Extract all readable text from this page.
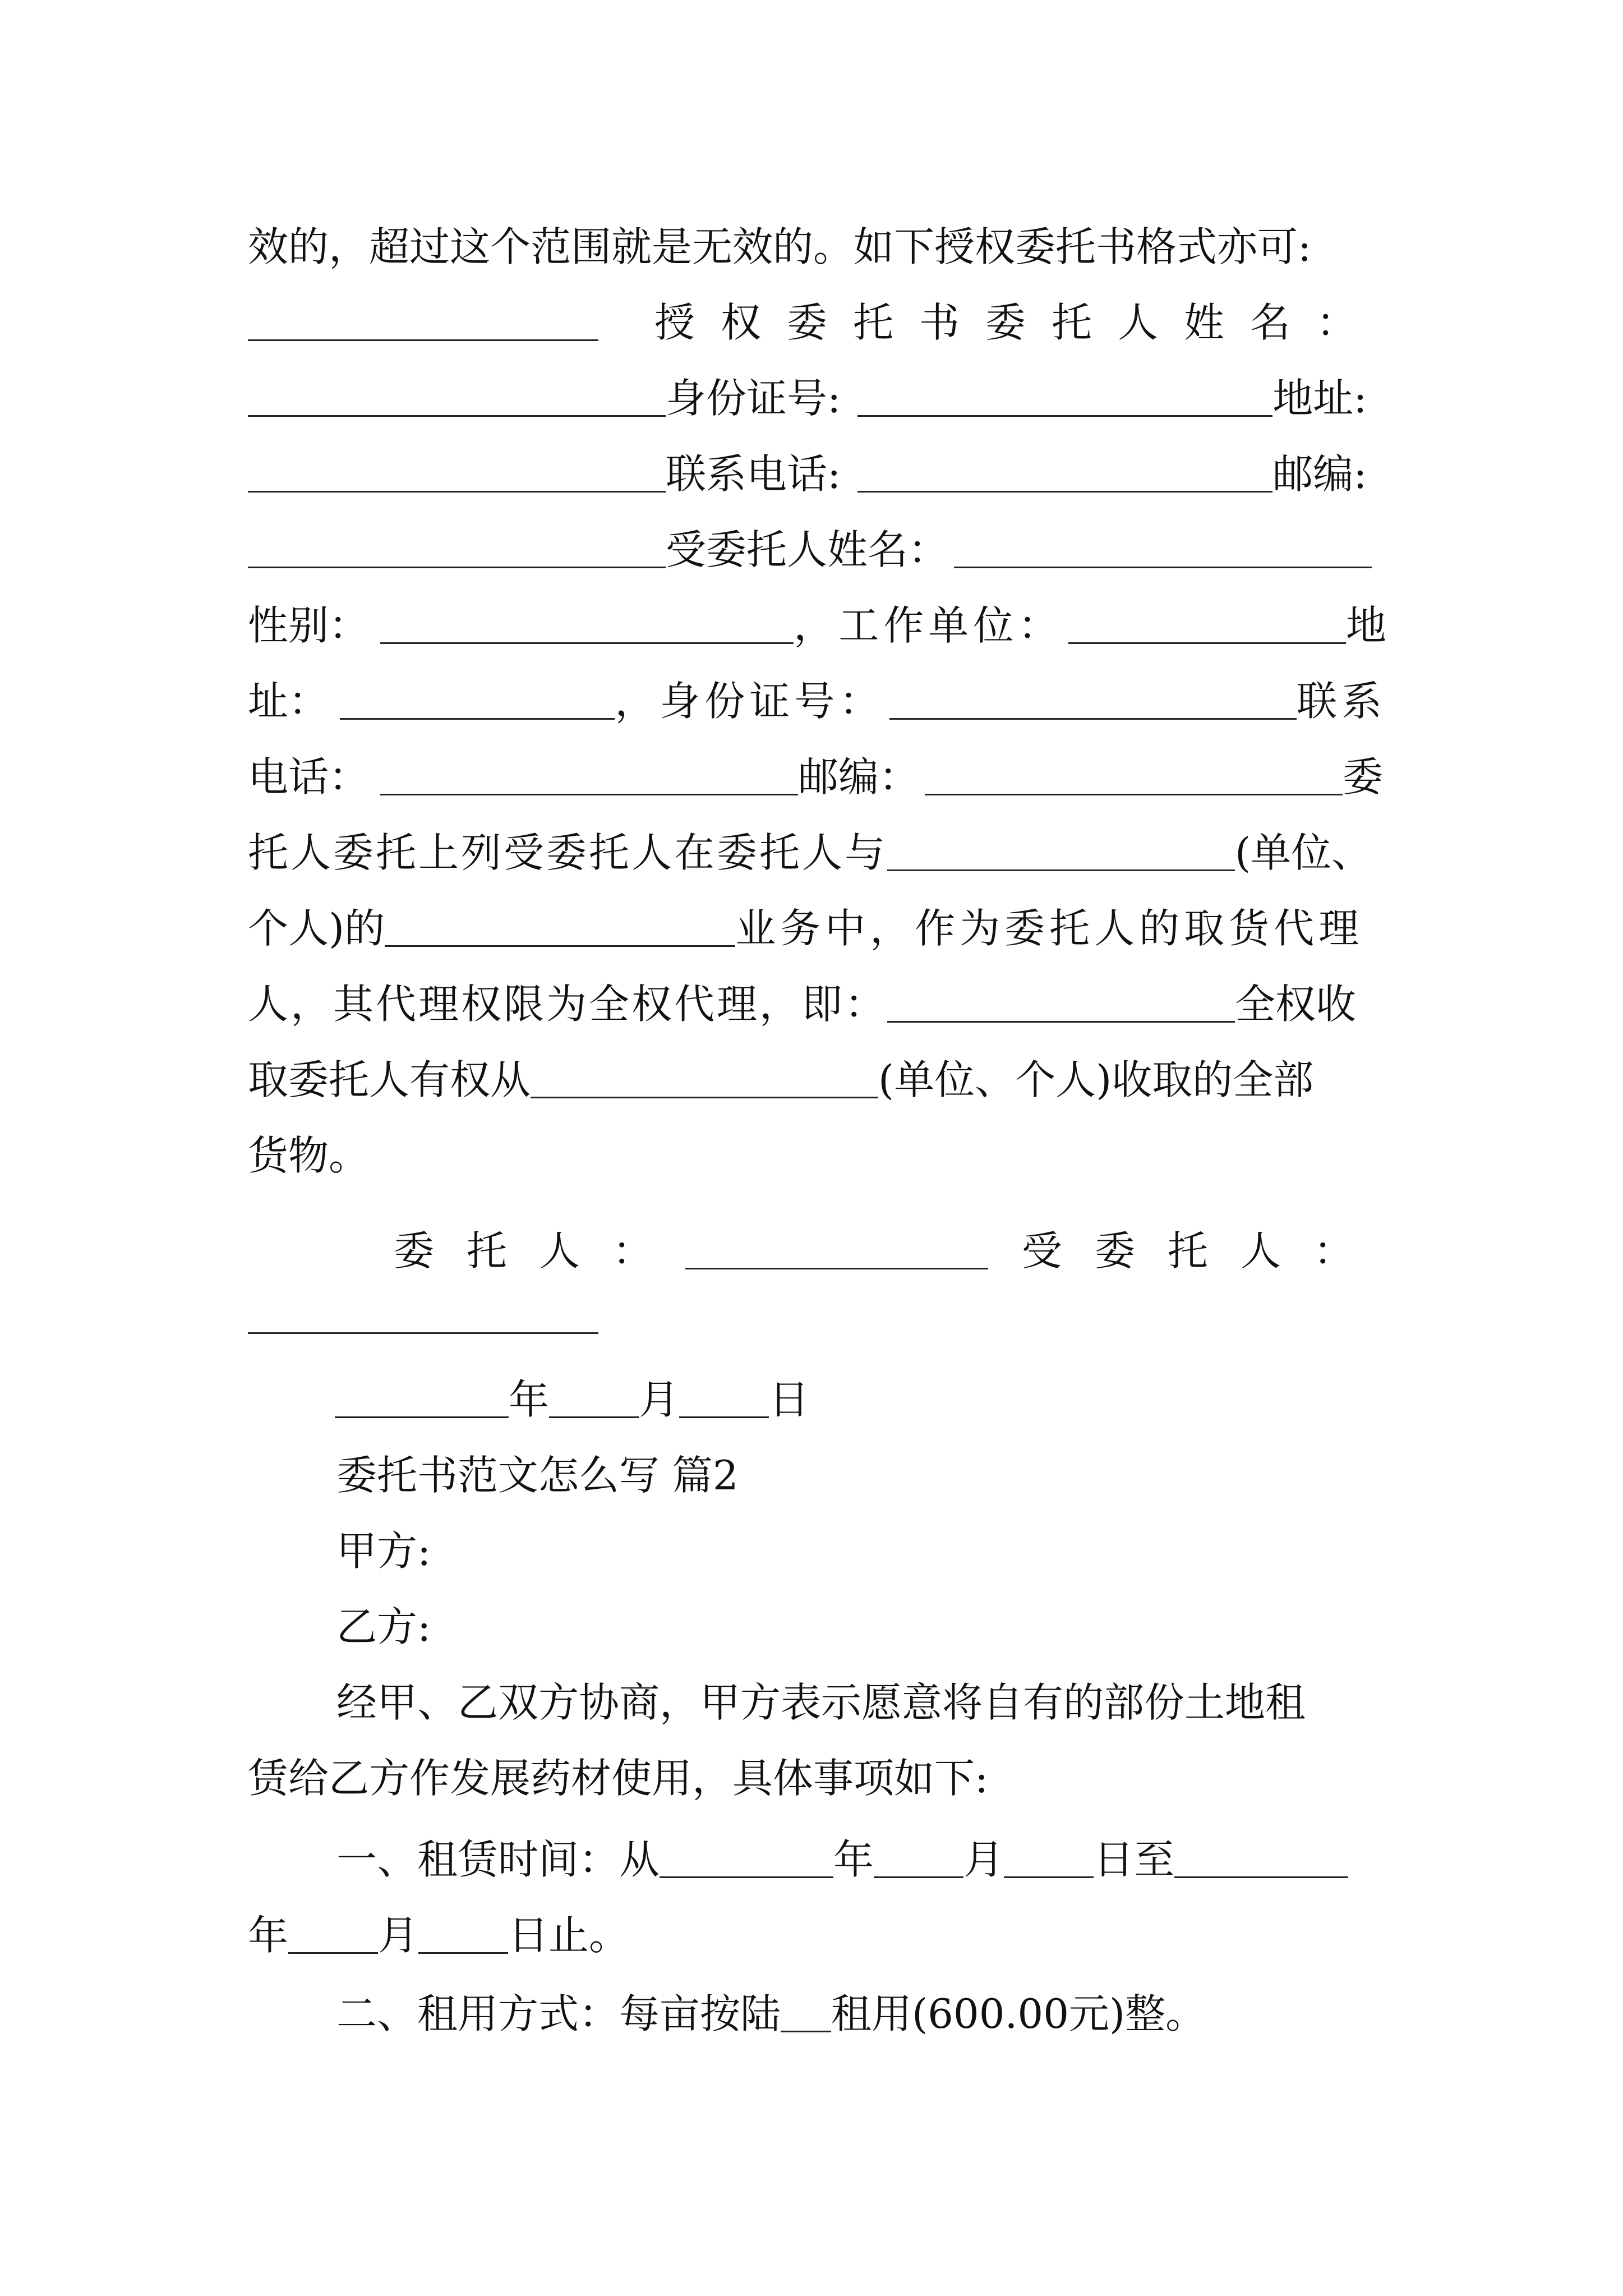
效的，超过这个范围就是无效的。如下授权委托书格式亦可:
授权委托书委托人姓名：
身份证号:	地址:
联系电话:	邮编:
受委托人姓名：
性别：	，工作单位：	地
址：	，身份证号：	联系
电话：	邮编：	委
托人委托上列受委托人在委托人与	(单位、
个人)的	业务中，作为委托人的取货代理
人，其代理权限为全权代理，即：	全权收
取委托人有权从	(单位、个人)收取的全部
货物。
委托人：	受委托人：
年 月 日
委托书范文怎么写 篇2
甲方:
乙方:
经甲、乙双方协商，甲方表示愿意将自有的部份土地租
赁给乙方作发展药材使用，具体事项如下:
一、租赁时间：从	年 月 日至
年 月 日止。
二、租用方式：每亩按陆 租用(600.00元)整。
